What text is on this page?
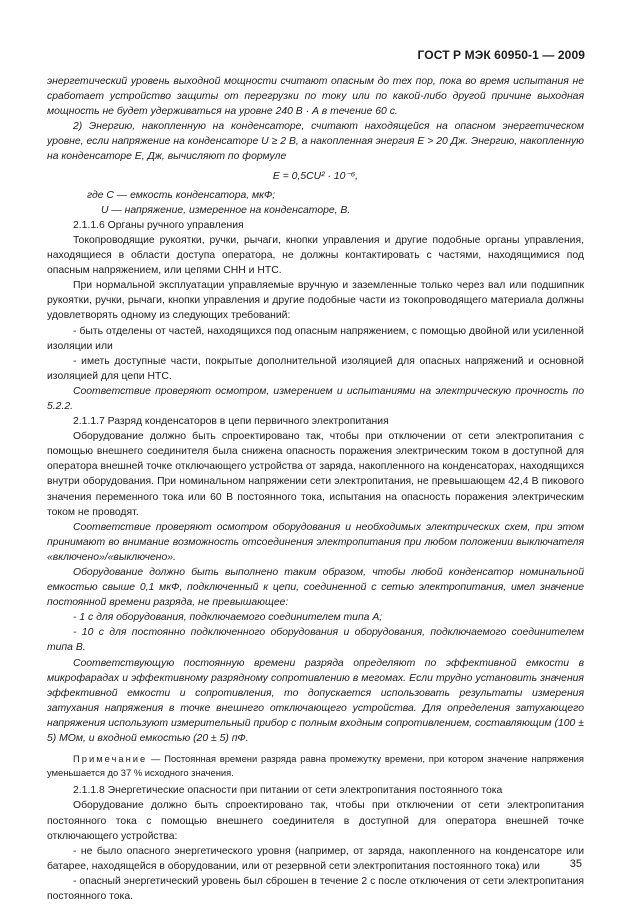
ГОСТ Р МЭК 60950-1 — 2009

энергетический уровень выходной мощности считают опасным до тех пор, пока во время испытания не сработает устройство защиты от перегрузки по току или по какой-либо другой причине выходная мощность не будет удерживаться на уровне 240 В · А в течение 60 с.

2) Энергию, накопленную на конденсаторе, считают находящейся на опасном энергетическом уровне, если напряжение на конденсаторе U ≥ 2 В, а накопленная энергия E > 20 Дж. Энергию, накопленную на конденсаторе E, Дж, вычисляют по формуле

E = 0,5CU² · 10⁻⁶,

где C — емкость конденсатора, мкФ;

U — напряжение, измеренное на конденсаторе, В.

2.1.1.6 Органы ручного управления

Токопроводящие рукоятки, ручки, рычаги, кнопки управления и другие подобные органы управления, находящиеся в области доступа оператора, не должны контактировать с частями, находящимися под опасным напряжением, или цепями СНН и НТС.

При нормальной эксплуатации управляемые вручную и заземленные только через вал или подшипник рукоятки, ручки, рычаги, кнопки управления и другие подобные части из токопроводящего материала должны удовлетворять одному из следующих требований:

- быть отделены от частей, находящихся под опасным напряжением, с помощью двойной или усиленной изоляции или

- иметь доступные части, покрытые дополнительной изоляцией для опасных напряжений и основной изоляцией для цепи НТС.

Соответствие проверяют осмотром, измерением и испытаниями на электрическую прочность по 5.2.2.

2.1.1.7 Разряд конденсаторов в цепи первичного электропитания

Оборудование должно быть спроектировано так, чтобы при отключении от сети электропитания с помощью внешнего соединителя была снижена опасность поражения электрическим током в доступной для оператора внешней точке отключающего устройства от заряда, накопленного на конденсаторах, находящихся внутри оборудования. При номинальном напряжении сети электропитания, не превышающем 42,4 В пикового значения переменного тока или 60 В постоянного тока, испытания на опасность поражения электрическим током не проводят.

Соответствие проверяют осмотром оборудования и необходимых электрических схем, при этом принимают во внимание возможность отсоединения электропитания при любом положении выключателя «включено»/«выключено».

Оборудование должно быть выполнено таким образом, чтобы любой конденсатор номинальной емкостью свыше 0,1 мкФ, подключенный к цепи, соединенной с сетью электропитания, имел значение постоянной времени разряда, не превышающее:

- 1 с для оборудования, подключаемого соединителем типа А;

- 10 с для постоянно подключенного оборудования и оборудования, подключаемого соединителем типа В.

Соответствующую постоянную времени разряда определяют по эффективной емкости в микрофарадах и эффективному разрядному сопротивлению в мегомах. Если трудно установить значения эффективной емкости и сопротивления, то допускается использовать результаты измерения затухания напряжения в точке внешнего отключающего устройства. Для определения затухающего напряжения используют измерительный прибор с полным входным сопротивлением, составляющим (100 ± 5) МОм, и входной емкостью (20 ± 5) пФ.

Примечание — Постоянная времени разряда равна промежутку времени, при котором значение напряжения уменьшается до 37 % исходного значения.

2.1.1.8 Энергетические опасности при питании от сети электропитания постоянного тока

Оборудование должно быть спроектировано так, чтобы при отключении от сети электропитания постоянного тока с помощью внешнего соединителя в доступной для оператора внешней точке отключающего устройства:

- не было опасного энергетического уровня (например, от заряда, накопленного на конденсаторе или батарее, находящейся в оборудовании, или от резервной сети электропитания постоянного тока) или

- опасный энергетический уровень был сброшен в течение 2 с после отключения от сети электропитания постоянного тока.

35
